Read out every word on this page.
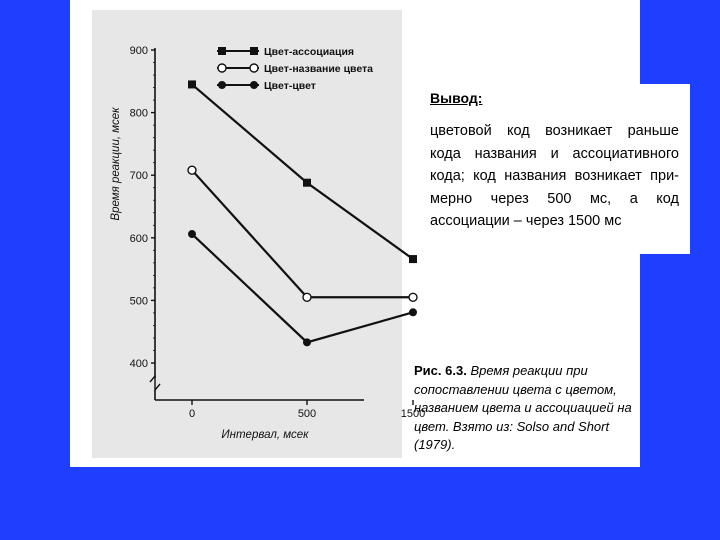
900
800
700
600
500
400
0	500	1500
Цвет-ассоциация
Цвет-название цвета
Цвет-цвет
Время реакции, мсек
Интервал, мсек
Вывод:
цветовой код возникает раньше кода названия и ассоциативного кода; код названия возникает при-мерно через 500 мс, а код ассоциации – через 1500 мс
Рис. 6.3. Время реакции при сопоставлении цвета с цветом, названием цвета и ассоциацией на цвет. Взято из: Solso and Short (1979).
